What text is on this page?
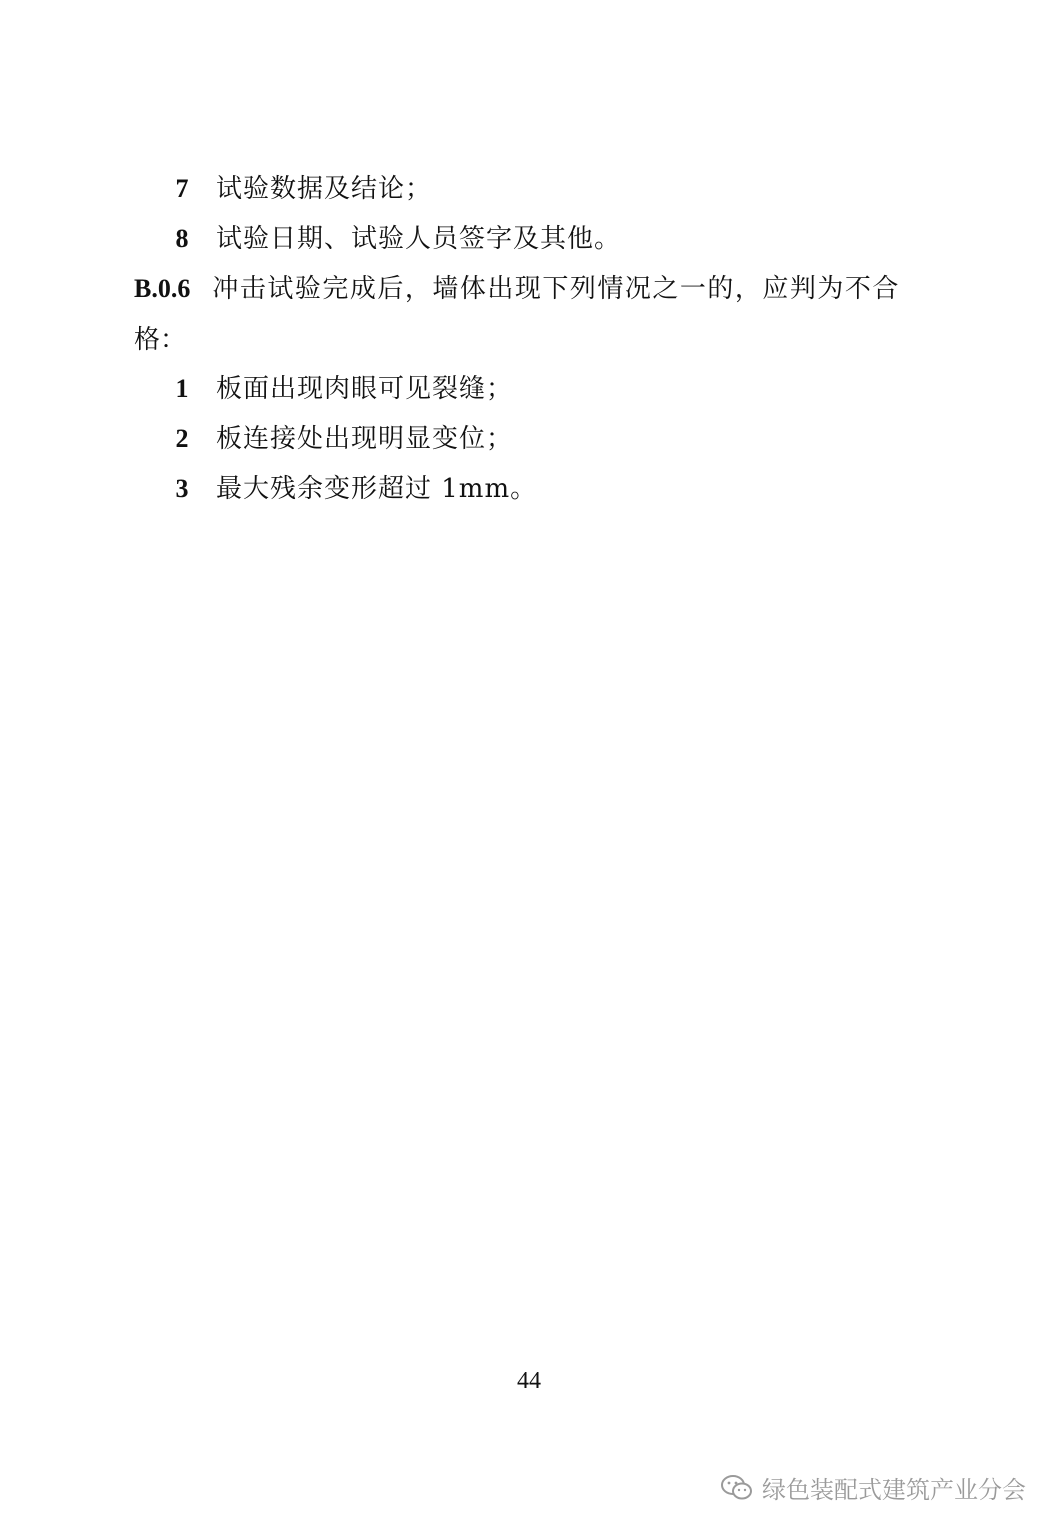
7 试验数据及结论；
8 试验日期、试验人员签字及其他。
B.0.6 冲击试验完成后，墙体出现下列情况之一的，应判为不合
格：
1 板面出现肉眼可见裂缝；
2 板连接处出现明显变位；
3 最大残余变形超过 1mm。
44
绿色装配式建筑产业分会
